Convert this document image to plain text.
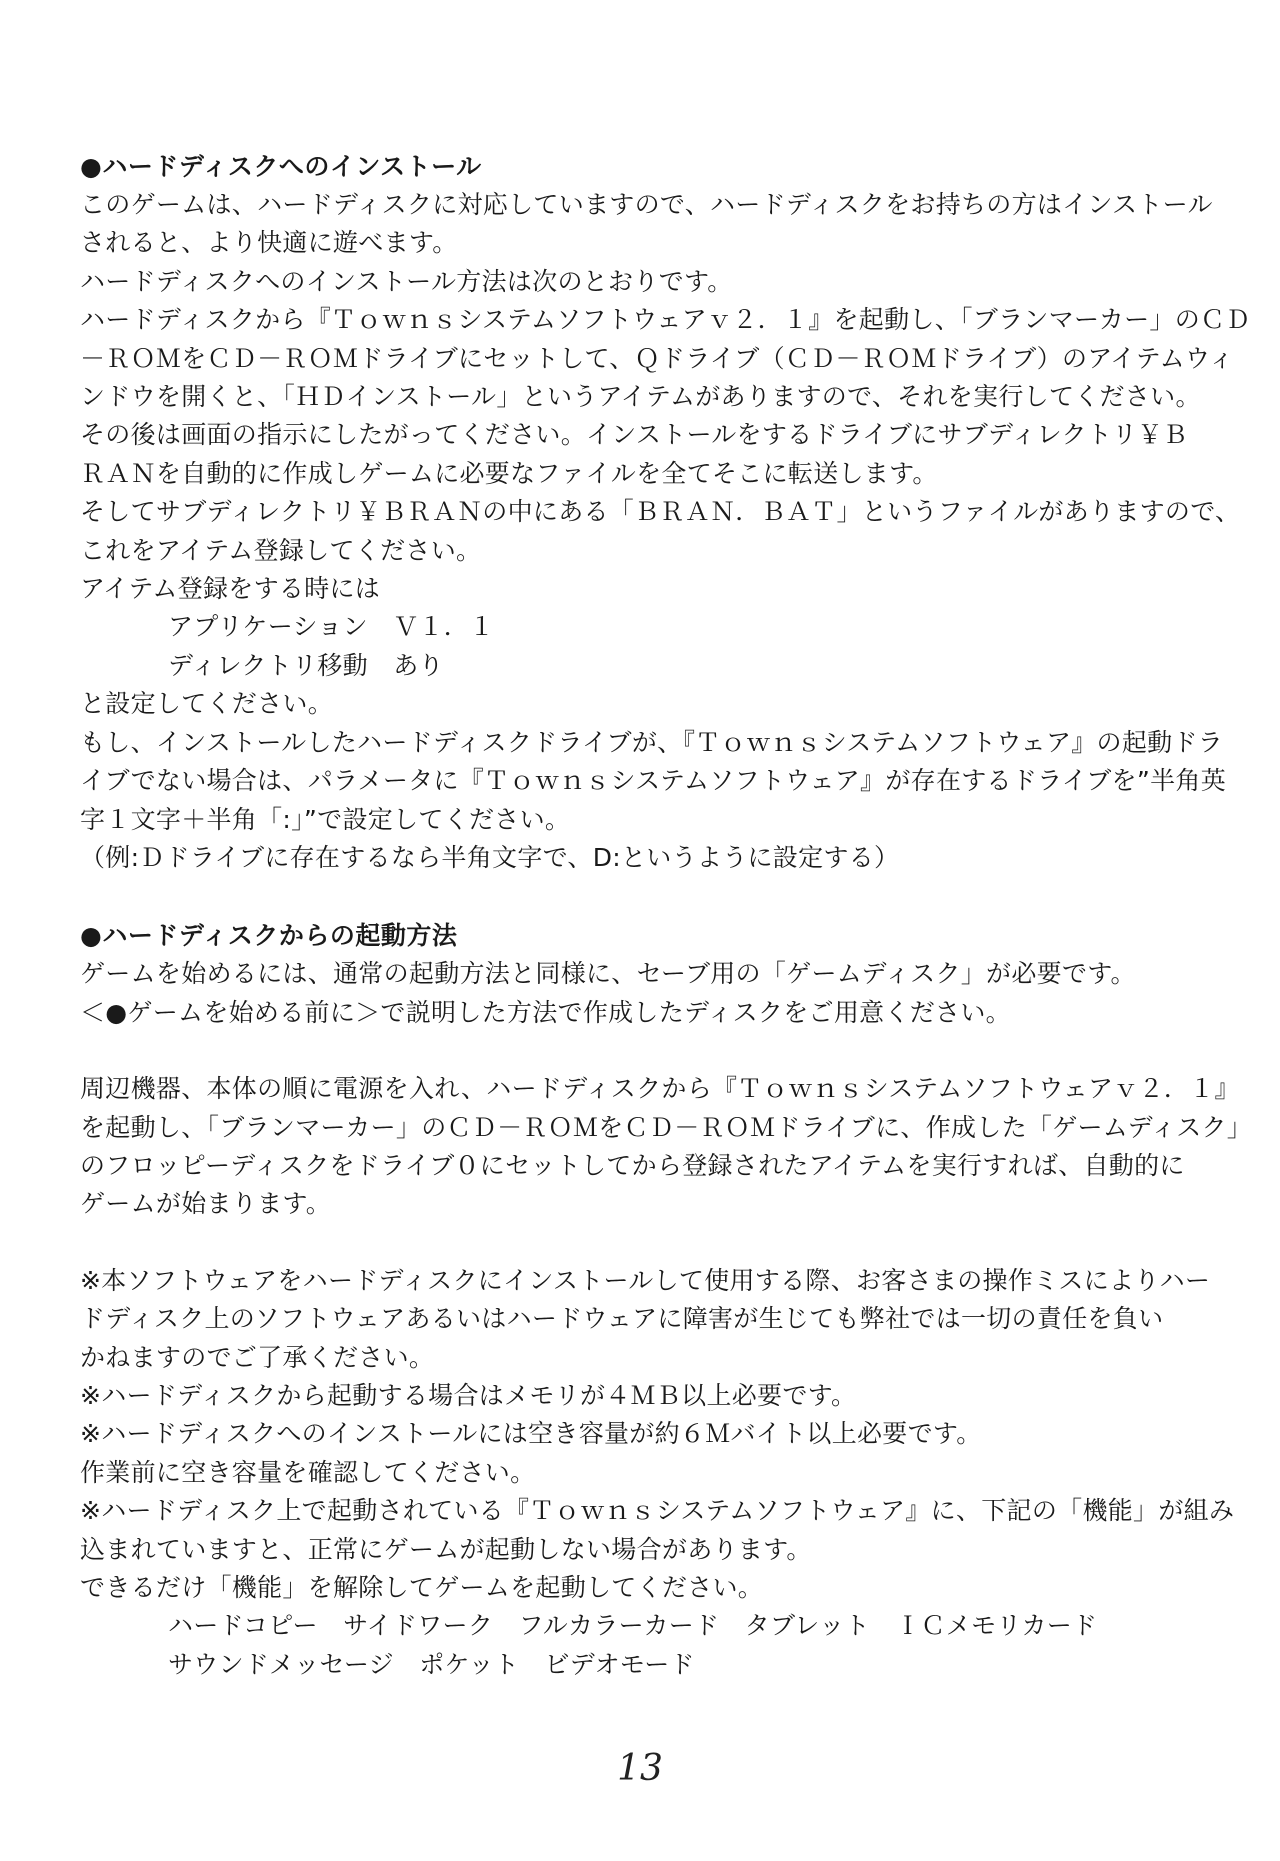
●ハードディスクへのインストール
このゲームは、ハードディスクに対応していますので、ハードディスクをお持ちの方はインストール
されると、より快適に遊べます。
ハードディスクへのインストール方法は次のとおりです。
ハードディスクから『Ｔｏｗｎｓシステムソフトウェアｖ２．１』を起動し、「ブランマーカー」のＣＤ
－ＲＯＭをＣＤ－ＲＯＭドライブにセットして、Ｑドライブ（ＣＤ－ＲＯＭドライブ）のアイテムウィ
ンドウを開くと、「ＨＤインストール」というアイテムがありますので、それを実行してください。
その後は画面の指示にしたがってください。インストールをするドライブにサブディレクトリ￥Ｂ
ＲＡＮを自動的に作成しゲームに必要なファイルを全てそこに転送します。
そしてサブディレクトリ￥ＢＲＡＮの中にある「ＢＲＡＮ．ＢＡＴ」というファイルがありますので、
これをアイテム登録してください。
アイテム登録をする時には
アプリケーション　Ｖ１．１
ディレクトリ移動　あり
と設定してください。
もし、インストールしたハードディスクドライブが、『Ｔｏｗｎｓシステムソフトウェア』の起動ドラ
イブでない場合は、パラメータに『Ｔｏｗｎｓシステムソフトウェア』が存在するドライブを”半角英
字１文字＋半角「:」”で設定してください。
（例:Ｄドライブに存在するなら半角文字で、D:というように設定する）
●ハードディスクからの起動方法
ゲームを始めるには、通常の起動方法と同様に、セーブ用の「ゲームディスク」が必要です。
＜●ゲームを始める前に＞で説明した方法で作成したディスクをご用意ください。
周辺機器、本体の順に電源を入れ、ハードディスクから『Ｔｏｗｎｓシステムソフトウェアｖ２．１』
を起動し、「ブランマーカー」のＣＤ－ＲＯＭをＣＤ－ＲＯＭドライブに、作成した「ゲームディスク」
のフロッピーディスクをドライブ０にセットしてから登録されたアイテムを実行すれば、自動的に
ゲームが始まります。
※本ソフトウェアをハードディスクにインストールして使用する際、お客さまの操作ミスによりハー
ドディスク上のソフトウェアあるいはハードウェアに障害が生じても弊社では一切の責任を負い
かねますのでご了承ください。
※ハードディスクから起動する場合はメモリが４ＭＢ以上必要です。
※ハードディスクへのインストールには空き容量が約６Ｍバイト以上必要です。
作業前に空き容量を確認してください。
※ハードディスク上で起動されている『Ｔｏｗｎｓシステムソフトウェア』に、下記の「機能」が組み
込まれていますと、正常にゲームが起動しない場合があります。
できるだけ「機能」を解除してゲームを起動してください。
ハードコピー　サイドワーク　フルカラーカード　タブレット　ＩＣメモリカード
サウンドメッセージ　ポケット　ビデオモード
13
